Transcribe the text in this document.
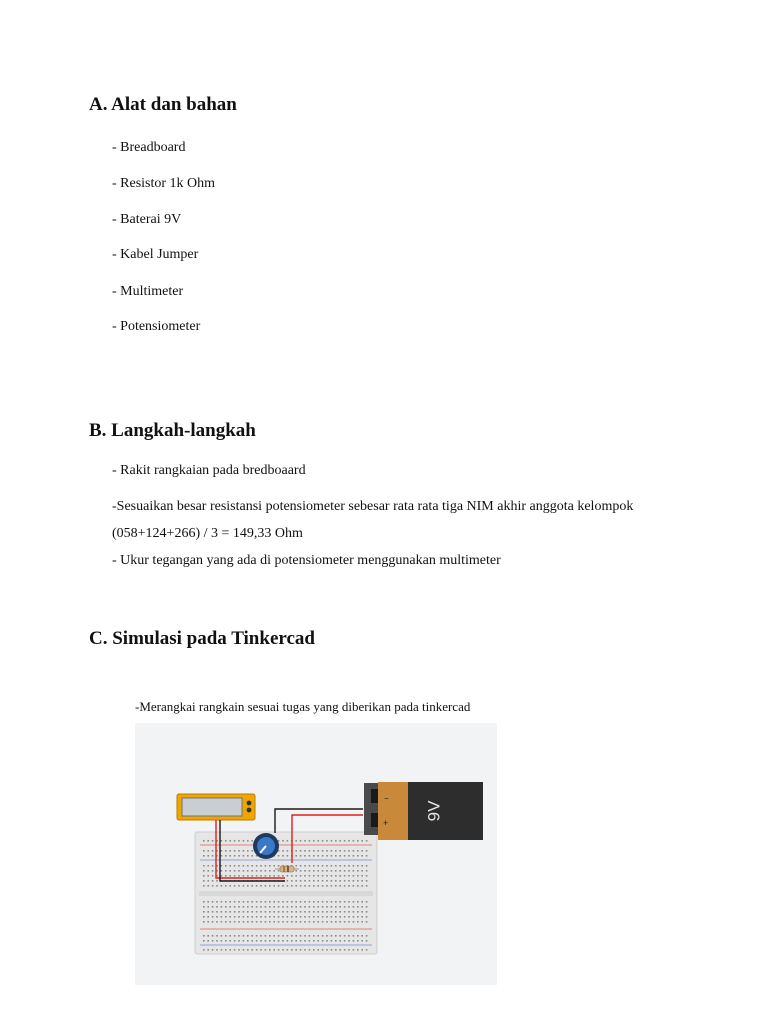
A. Alat dan bahan
- Breadboard
- Resistor 1k Ohm
- Baterai 9V
- Kabel Jumper
- Multimeter
- Potensiometer
B. Langkah-langkah
- Rakit rangkaian pada bredboaard
-Sesuaikan besar resistansi potensiometer sebesar rata rata tiga NIM akhir anggota kelompok
(058+124+266) / 3 = 149,33 Ohm
- Ukur tegangan yang ada di potensiometer menggunakan multimeter
C. Simulasi pada Tinkercad
-Merangkai rangkain sesuai tugas yang diberikan pada tinkercad
−
+
9V
